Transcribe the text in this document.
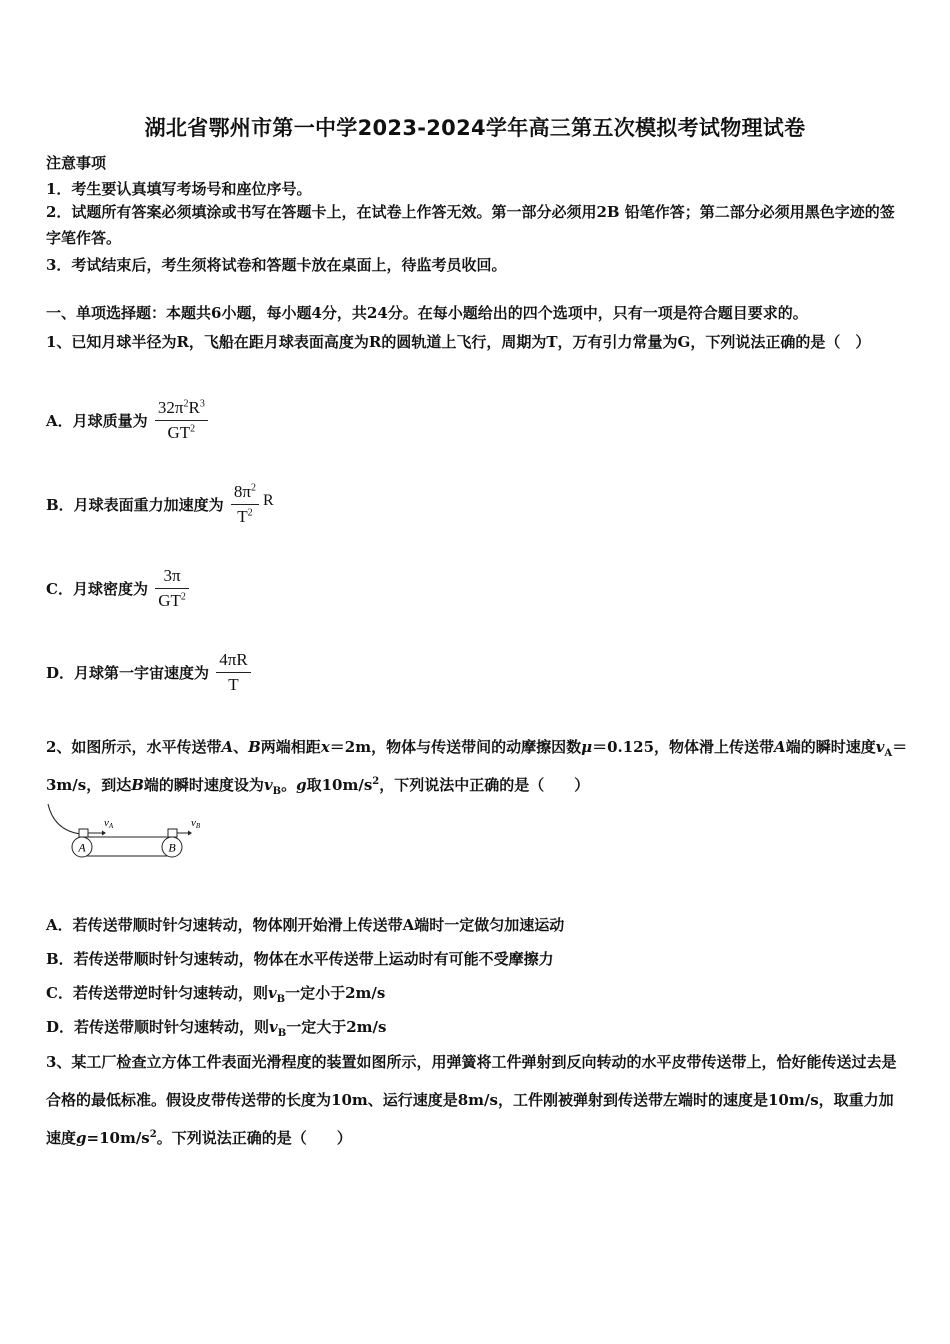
湖北省鄂州市第一中学2023-2024学年高三第五次模拟考试物理试卷
注意事项
1．考生要认真填写考场号和座位序号。
2．试题所有答案必须填涂或书写在答题卡上，在试卷上作答无效。第一部分必须用2B 铅笔作答；第二部分必须用黑色字迹的签字笔作答。
3．考试结束后，考生须将试卷和答题卡放在桌面上，待监考员收回。
一、单项选择题：本题共6小题，每小题4分，共24分。在每小题给出的四个选项中，只有一项是符合题目要求的。
1、已知月球半径为R，飞船在距月球表面高度为R的圆轨道上飞行，周期为T，万有引力常量为G，下列说法正确的是（　）
A．月球质量为 $\frac{32\pi^2R^3}{GT^2}$
B．月球表面重力加速度为 $\frac{8\pi^2}{T^2}$ R
C．月球密度为 $\frac{3\pi}{GT^2}$
D．月球第一宇宙速度为 $\frac{4\pi R}{T}$
2、如图所示，水平传送带A、B两端相距x＝2m，物体与传送带间的动摩擦因数μ＝0.125，物体滑上传送带A端的瞬时速度$v_A=3m/s$，到达B端的瞬时速度设为$v_B$。g取$10m/s^2$，下列说法中正确的是（　　）
A	B
vA	vB
A．若传送带顺时针匀速转动，物体刚开始滑上传送带A端时一定做匀加速运动
B．若传送带顺时针匀速转动，物体在水平传送带上运动时有可能不受摩擦力
C．若传送带逆时针匀速转动，则$v_B$一定小于2m/s
D．若传送带顺时针匀速转动，则$v_B$一定大于2m/s
3、某工厂检查立方体工件表面光滑程度的装置如图所示，用弹簧将工件弹射到反向转动的水平皮带传送带上，恰好能传送过去是合格的最低标准。假设皮带传送带的长度为10m、运行速度是8m/s，工件刚被弹射到传送带左端时的速度是10m/s，取重力加速度$g=10m/s^2$。下列说法正确的是（　　）
